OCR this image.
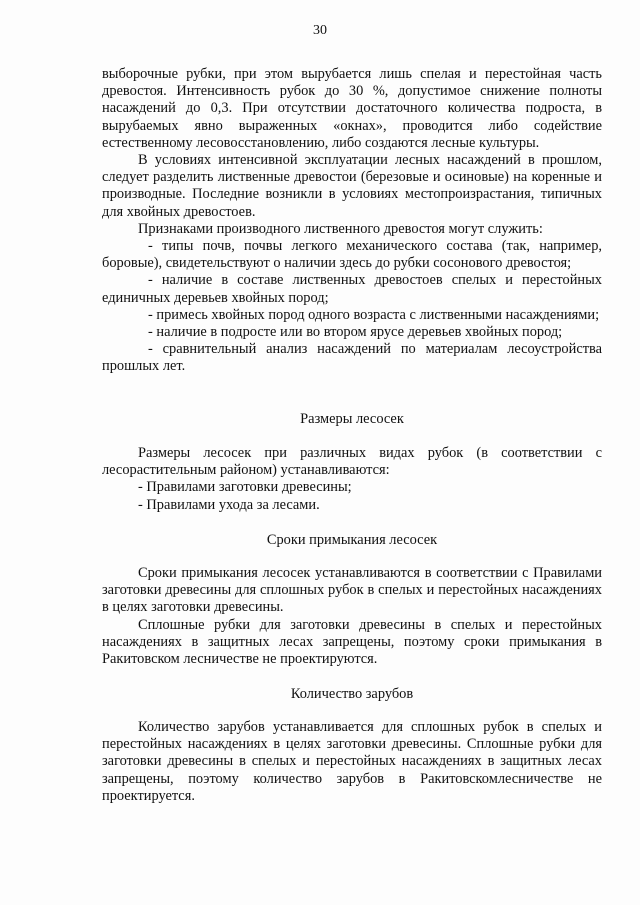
30

выборочные рубки, при этом вырубается лишь спелая и перестойная часть древостоя. Интенсивность рубок до 30 %, допустимое снижение полноты насаждений до 0,3. При отсутствии достаточного количества подроста, в вырубаемых явно выраженных «окнах», проводится либо содействие естественному лесовосстановлению, либо создаются лесные культуры.

В условиях интенсивной эксплуатации лесных насаждений в прошлом, следует разделить лиственные древостои (березовые и осиновые) на коренные и производные. Последние возникли в условиях местопроизрастания, типичных для хвойных древостоев.

Признаками производного лиственного древостоя могут служить:

- типы почв, почвы легкого механического состава (так, например, боровые), свидетельствуют о наличии здесь до рубки сосонового древостоя;

- наличие в составе лиственных древостоев спелых и перестойных единичных деревьев хвойных пород;

- примесь хвойных пород одного возраста с лиственными насаждениями;

- наличие в подросте или во втором ярусе деревьев хвойных пород;

- сравнительный анализ насаждений по материалам лесоустройства прошлых лет.

Размеры лесосек

Размеры лесосек при различных видах рубок (в соответствии с лесорастительным районом) устанавливаются:

- Правилами заготовки древесины;

- Правилами ухода за лесами.

Сроки примыкания лесосек

Сроки примыкания лесосек устанавливаются в соответствии с Правилами заготовки древесины для сплошных рубок в спелых и перестойных насаждениях в целях заготовки древесины.

Сплошные рубки для заготовки древесины в спелых и перестойных насаждениях в защитных лесах запрещены, поэтому сроки примыкания в Ракитовском лесничестве не проектируются.

Количество зарубов

Количество зарубов устанавливается для сплошных рубок в спелых и перестойных насаждениях в целях заготовки древесины. Сплошные рубки для заготовки древесины в спелых и перестойных насаждениях в защитных лесах запрещены, поэтому количество зарубов в Ракитовскомлесничестве не проектируется.
